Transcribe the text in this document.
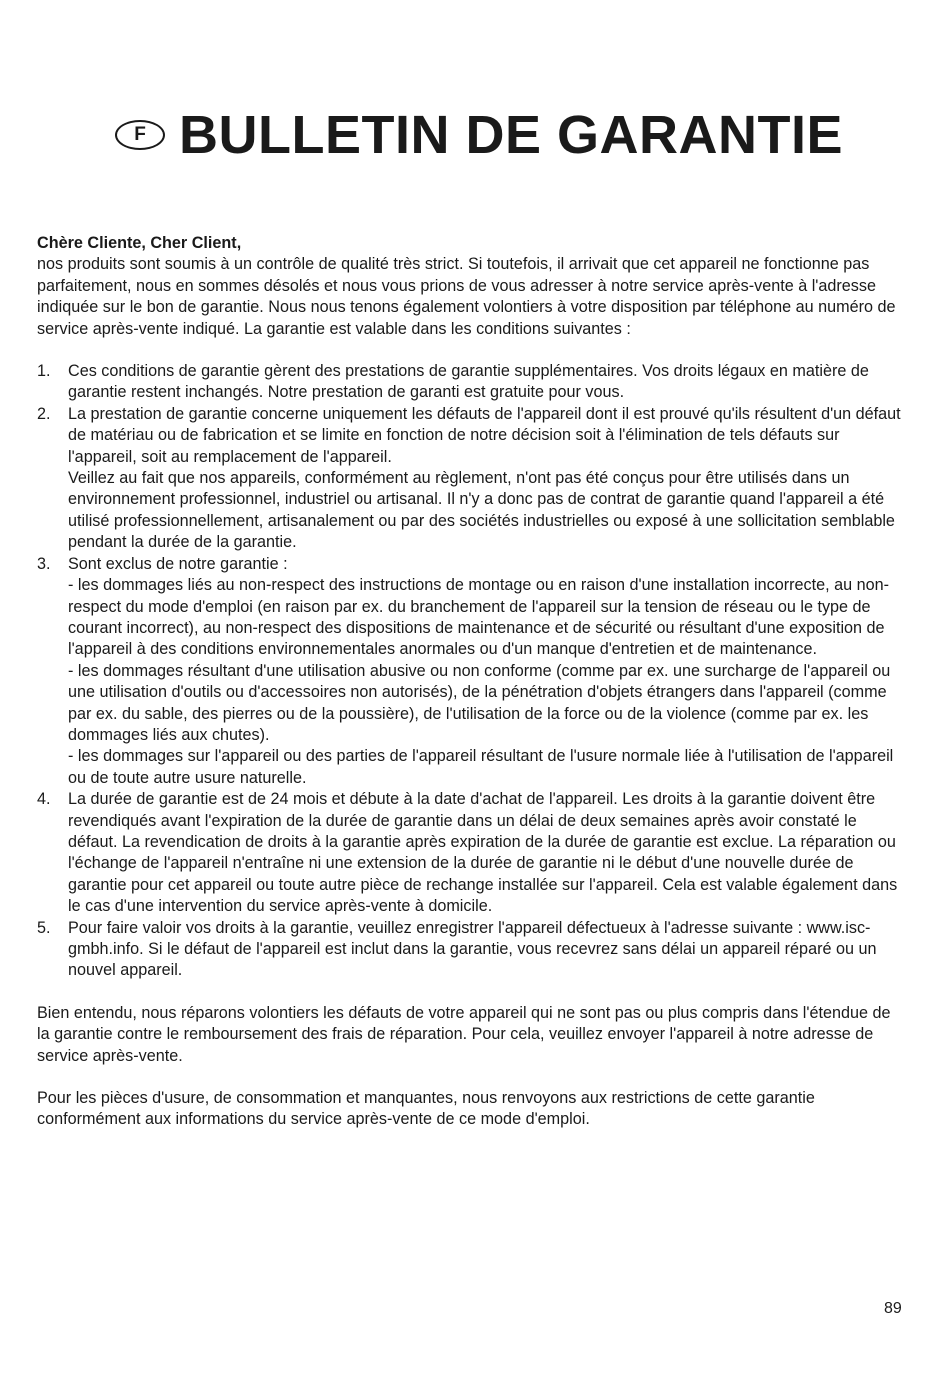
F BULLETIN DE GARANTIE

Chère Cliente, Cher Client,

nos produits sont soumis à un contrôle de qualité très strict. Si toutefois, il arrivait que cet appareil ne fonctionne pas parfaitement, nous en sommes désolés et nous vous prions de vous adresser à notre service après-vente à l'adresse indiquée sur le bon de garantie. Nous nous tenons également volontiers à votre disposition par téléphone au numéro de service après-vente indiqué. La garantie est valable dans les conditions suivantes :

1. Ces conditions de garantie gèrent des prestations de garantie supplémentaires. Vos droits légaux en matière de garantie restent inchangés. Notre prestation de garanti est gratuite pour vous.

2. La prestation de garantie concerne uniquement les défauts de l'appareil dont il est prouvé qu'ils résultent d'un défaut de matériau ou de fabrication et se limite en fonction de notre décision soit à l'élimination de tels défauts sur l'appareil, soit au remplacement de l'appareil.

Veillez au fait que nos appareils, conformément au règlement, n'ont pas été conçus pour être utilisés dans un environnement professionnel, industriel ou artisanal. Il n'y a donc pas de contrat de garantie quand l'appareil a été utilisé professionnellement, artisanalement ou par des sociétés industrielles ou exposé à une sollicitation semblable pendant la durée de la garantie.

3. Sont exclus de notre garantie :

- les dommages liés au non-respect des instructions de montage ou en raison d'une installation incorrecte, au non-respect du mode d'emploi (en raison par ex. du branchement de l'appareil sur la tension de réseau ou le type de courant incorrect), au non-respect des dispositions de maintenance et de sécurité ou résultant d'une exposition de l'appareil à des conditions environnementales anormales ou d'un manque d'entretien et de maintenance.

- les dommages résultant d'une utilisation abusive ou non conforme (comme par ex. une surcharge de l'appareil ou une utilisation d'outils ou d'accessoires non autorisés), de la pénétration d'objets étrangers dans l'appareil (comme par ex. du sable, des pierres ou de la poussière), de l'utilisation de la force ou de la violence (comme par ex. les dommages liés aux chutes).

- les dommages sur l'appareil ou des parties de l'appareil résultant de l'usure normale liée à l'utilisation de l'appareil ou de toute autre usure naturelle.

4. La durée de garantie est de 24 mois et débute à la date d'achat de l'appareil. Les droits à la garantie doivent être revendiqués avant l'expiration de la durée de garantie dans un délai de deux semaines après avoir constaté le défaut. La revendication de droits à la garantie après expiration de la durée de garantie est exclue. La réparation ou l'échange de l'appareil n'entraîne ni une extension de la durée de garantie ni le début d'une nouvelle durée de garantie pour cet appareil ou toute autre pièce de rechange installée sur l'appareil. Cela est valable également dans le cas d'une intervention du service après-vente à domicile.

5. Pour faire valoir vos droits à la garantie, veuillez enregistrer l'appareil défectueux à l'adresse suivante : www.isc-gmbh.info. Si le défaut de l'appareil est inclut dans la garantie, vous recevrez sans délai un appareil réparé ou un nouvel appareil.

Bien entendu, nous réparons volontiers les défauts de votre appareil qui ne sont pas ou plus compris dans l'étendue de la garantie contre le remboursement des frais de réparation. Pour cela, veuillez envoyer l'appareil à notre adresse de service après-vente.

Pour les pièces d'usure, de consommation et manquantes, nous renvoyons aux restrictions de cette garantie conformément aux informations du service après-vente de ce mode d'emploi.

89
